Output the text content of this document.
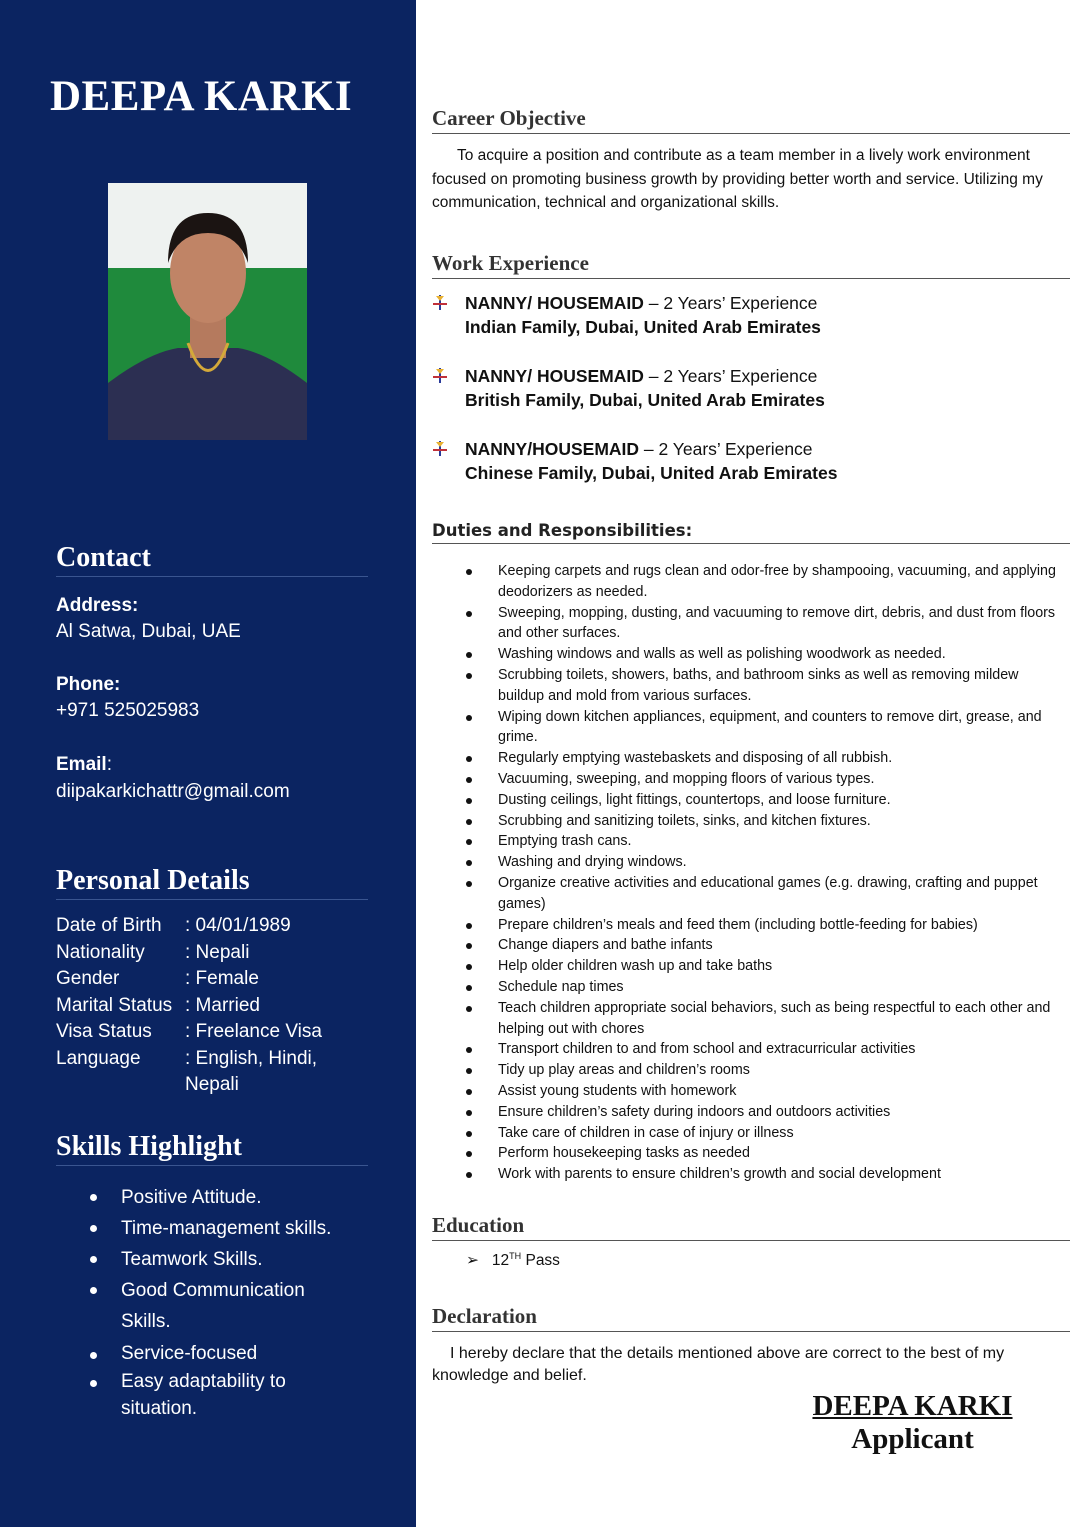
DEEPA KARKI
Contact
Address:
Al Satwa, Dubai, UAE
Phone:
+971 525025983
Email:
diipakarkichattr@gmail.com
Personal Details
Date of Birth	: 04/01/1989
Nationality	: Nepali
Gender	: Female
Marital Status : Married
Visa Status	: Freelance Visa
Language	: English, Hindi, Nepali
Skills Highlight
Positive Attitude.
Time-management skills.
Teamwork Skills.
Good Communication Skills.
Service-focused
Easy adaptability to situation.
Career Objective

To acquire a position and contribute as a team member in a lively work environment focused on promoting business growth by providing better worth and service. Utilizing my communication, technical and organizational skills.

Work Experience
NANNY/ HOUSEMAID – 2 Years’ Experience
Indian Family, Dubai, United Arab Emirates
NANNY/ HOUSEMAID – 2 Years’ Experience
British Family, Dubai, United Arab Emirates
NANNY/HOUSEMAID – 2 Years’ Experience
Chinese Family, Dubai, United Arab Emirates
Duties and Responsibilities:
Keeping carpets and rugs clean and odor-free by shampooing, vacuuming, and applying deodorizers as needed.
Sweeping, mopping, dusting, and vacuuming to remove dirt, debris, and dust from floors and other surfaces.
Washing windows and walls as well as polishing woodwork as needed.
Scrubbing toilets, showers, baths, and bathroom sinks as well as removing mildew buildup and mold from various surfaces.
Wiping down kitchen appliances, equipment, and counters to remove dirt, grease, and grime.
Regularly emptying wastebaskets and disposing of all rubbish.
Vacuuming, sweeping, and mopping floors of various types.
Dusting ceilings, light fittings, countertops, and loose furniture.
Scrubbing and sanitizing toilets, sinks, and kitchen fixtures.
Emptying trash cans.
Washing and drying windows.
Organize creative activities and educational games (e.g. drawing, crafting and puppet games)
Prepare children’s meals and feed them (including bottle-feeding for babies)
Change diapers and bathe infants
Help older children wash up and take baths
Schedule nap times
Teach children appropriate social behaviors, such as being respectful to each other and helping out with chores
Transport children to and from school and extracurricular activities
Tidy up play areas and children’s rooms
Assist young students with homework
Ensure children’s safety during indoors and outdoors activities
Take care of children in case of injury or illness
Perform housekeeping tasks as needed
Work with parents to ensure children’s growth and social development
Education
➢ 12TH Pass
Declaration

I hereby declare that the details mentioned above are correct to the best of my knowledge and belief.

DEEPA KARKI
Applicant
